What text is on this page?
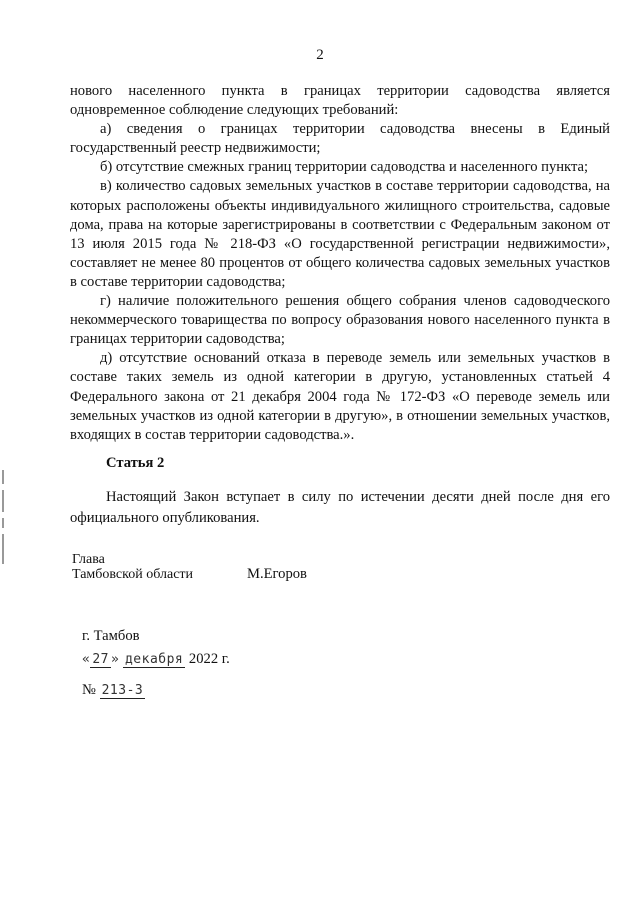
2

нового населенного пункта в границах территории садоводства является одновременное соблюдение следующих требований:

а) сведения о границах территории садоводства внесены в Единый государственный реестр недвижимости;

б) отсутствие смежных границ территории садоводства и населенного пункта;

в) количество садовых земельных участков в составе территории садоводства, на которых расположены объекты индивидуального жилищного строительства, садовые дома, права на которые зарегистрированы в соответствии с Федеральным законом от 13 июля 2015 года № 218-ФЗ «О государственной регистрации недвижимости», составляет не менее 80 процентов от общего количества садовых земельных участков в составе территории садоводства;

г) наличие положительного решения общего собрания членов садоводческого некоммерческого товарищества по вопросу образования нового населенного пункта в границах территории садоводства;

д) отсутствие оснований отказа в переводе земель или земельных участков в составе таких земель из одной категории в другую, установленных статьей 4 Федерального закона от 21 декабря 2004 года № 172-ФЗ «О переводе земель или земельных участков из одной категории в другую», в отношении земельных участков, входящих в состав территории садоводства.».

Статья 2

Настоящий Закон вступает в силу по истечении десяти дней после дня его официального опубликования.

Глава
Тамбовской области	М.Егоров
г. Тамбов
« 27 » декабря 2022 г.
№ 213-З
